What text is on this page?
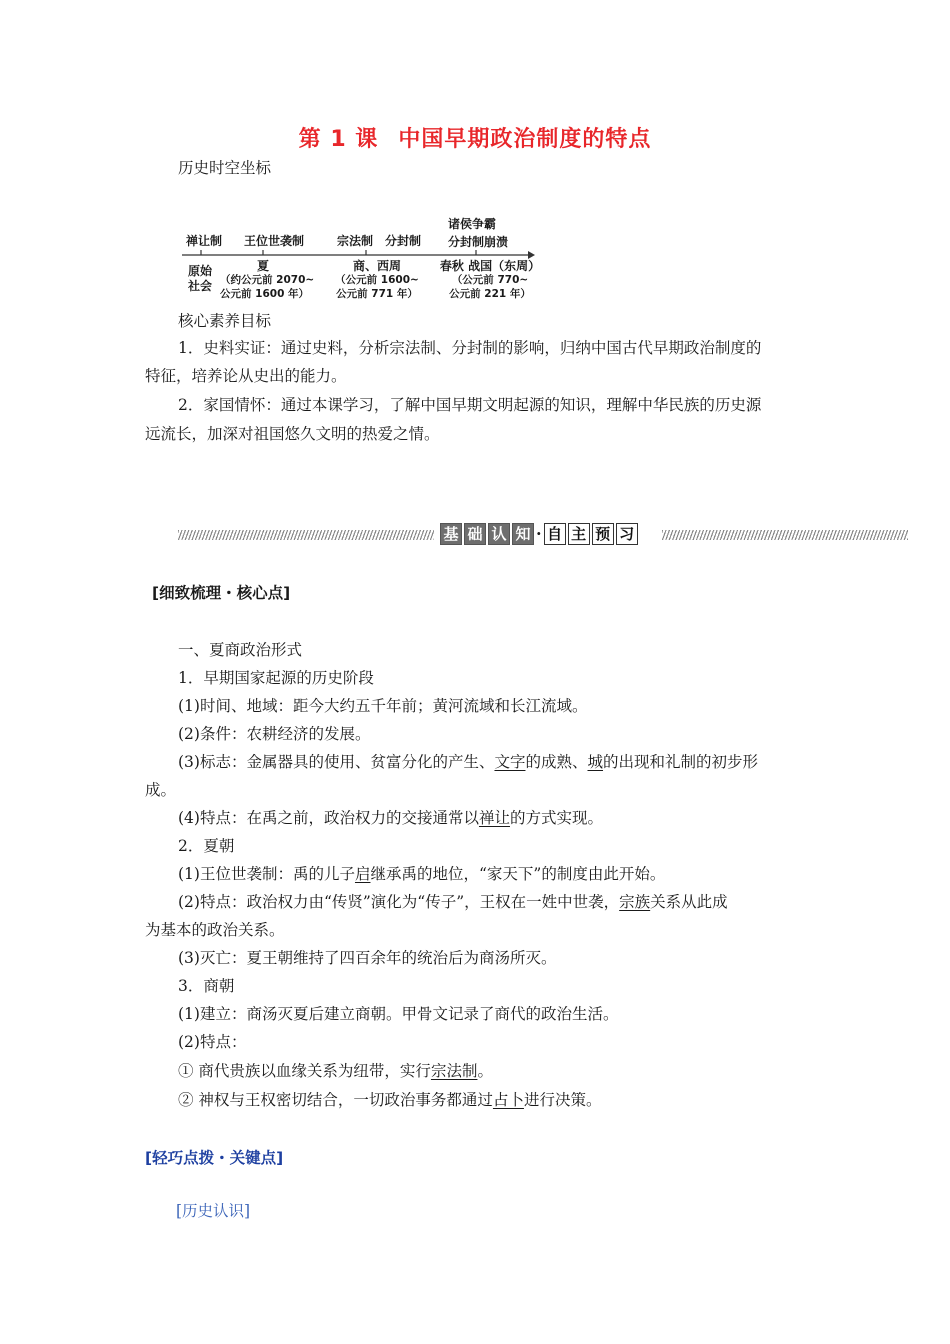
第 1 课 中国早期政治制度的特点
历史时空坐标
禅让制 王位世袭制	宗法制 分封制
诸侯争霸
分封制崩溃
原始
社会
夏
（约公元前 2070~
公元前 1600 年）
商、西周
（公元前 1600~
公元前 771 年）
春秋 战国（东周）
（公元前 770~
公元前 221 年）
核心素养目标
1．史料实证：通过史料，分析宗法制、分封制的影响，归纳中国古代早期政治制度的
特征，培养论从史出的能力。
2．家国情怀：通过本课学习，了解中国早期文明起源的知识，理解中华民族的历史源
远流长，加深对祖国悠久文明的热爱之情。
基 础 认 知 · 自 主 预 习
[细致梳理・核心点]
一、夏商政治形式
1．早期国家起源的历史阶段
(1)时间、地域：距今大约五千年前；黄河流域和长江流域。
(2)条件：农耕经济的发展。
(3)标志：金属器具的使用、贫富分化的产生、文字的成熟、城的出现和礼制的初步形
成。
(4)特点：在禹之前，政治权力的交接通常以禅让的方式实现。
2．夏朝
(1)王位世袭制：禹的儿子启继承禹的地位，“家天下”的制度由此开始。
(2)特点：政治权力由“传贤”演化为“传子”，王权在一姓中世袭，宗族关系从此成
为基本的政治关系。
(3)灭亡：夏王朝维持了四百余年的统治后为商汤所灭。
3．商朝
(1)建立：商汤灭夏后建立商朝。甲骨文记录了商代的政治生活。
(2)特点：
① 商代贵族以血缘关系为纽带，实行宗法制。
② 神权与王权密切结合，一切政治事务都通过占卜进行决策。
[轻巧点拨・关键点]
[历史认识]
